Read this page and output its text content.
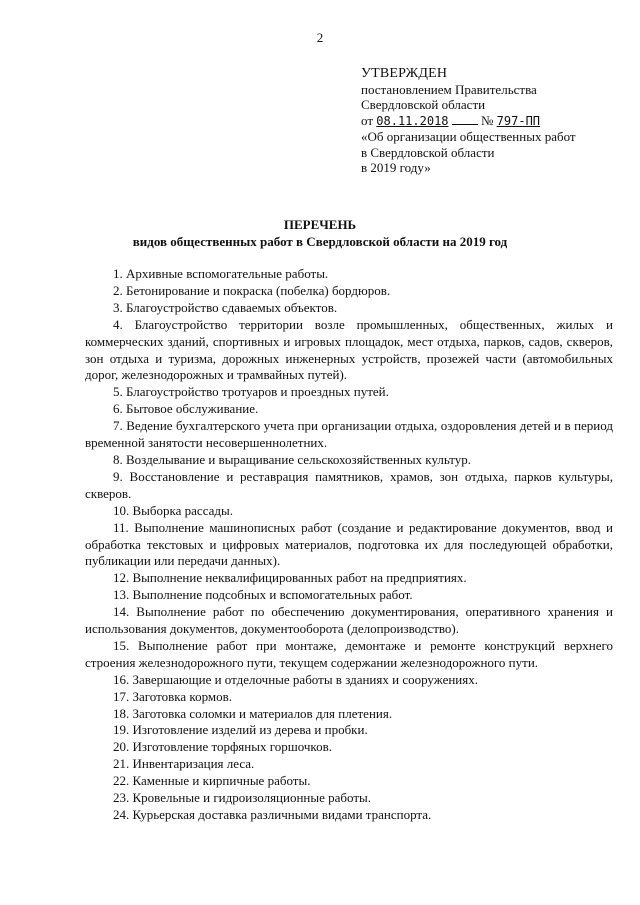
2
УТВЕРЖДЕН
постановлением Правительства
Свердловской области
от 08.11.2018	№ 797-ПП
«Об организации общественных работ
в Свердловской области
в 2019 году»
ПЕРЕЧЕНЬ
видов общественных работ в Свердловской области на 2019 год

1. Архивные вспомогательные работы.

2. Бетонирование и покраска (побелка) бордюров.

3. Благоустройство сдаваемых объектов.

4. Благоустройство территории возле промышленных, общественных, жилых и коммерческих зданий, спортивных и игровых площадок, мест отдыха, парков, садов, скверов, зон отдыха и туризма, дорожных инженерных устройств, прозежей части (автомобильных дорог, железнодорожных и трамвайных путей).

5. Благоустройство тротуаров и проездных путей.

6. Бытовое обслуживание.

7. Ведение бухгалтерского учета при организации отдыха, оздоровления детей и в период временной занятости несовершеннолетних.

8. Возделывание и выращивание сельскохозяйственных культур.

9. Восстановление и реставрация памятников, храмов, зон отдыха, парков культуры, скверов.

10. Выборка рассады.

11. Выполнение машинописных работ (создание и редактирование документов, ввод и обработка текстовых и цифровых материалов, подготовка их для последующей обработки, публикации или передачи данных).

12. Выполнение неквалифицированных работ на предприятиях.

13. Выполнение подсобных и вспомогательных работ.

14. Выполнение работ по обеспечению документирования, оперативного хранения и использования документов, документооборота (делопроизводство).

15. Выполнение работ при монтаже, демонтаже и ремонте конструкций верхнего строения железнодорожного пути, текущем содержании железнодорожного пути.

16. Завершающие и отделочные работы в зданиях и сооружениях.

17. Заготовка кормов.

18. Заготовка соломки и материалов для плетения.

19. Изготовление изделий из дерева и пробки.

20. Изготовление торфяных горшочков.

21. Инвентаризация леса.

22. Каменные и кирпичные работы.

23. Кровельные и гидроизоляционные работы.

24. Курьерская доставка различными видами транспорта.
